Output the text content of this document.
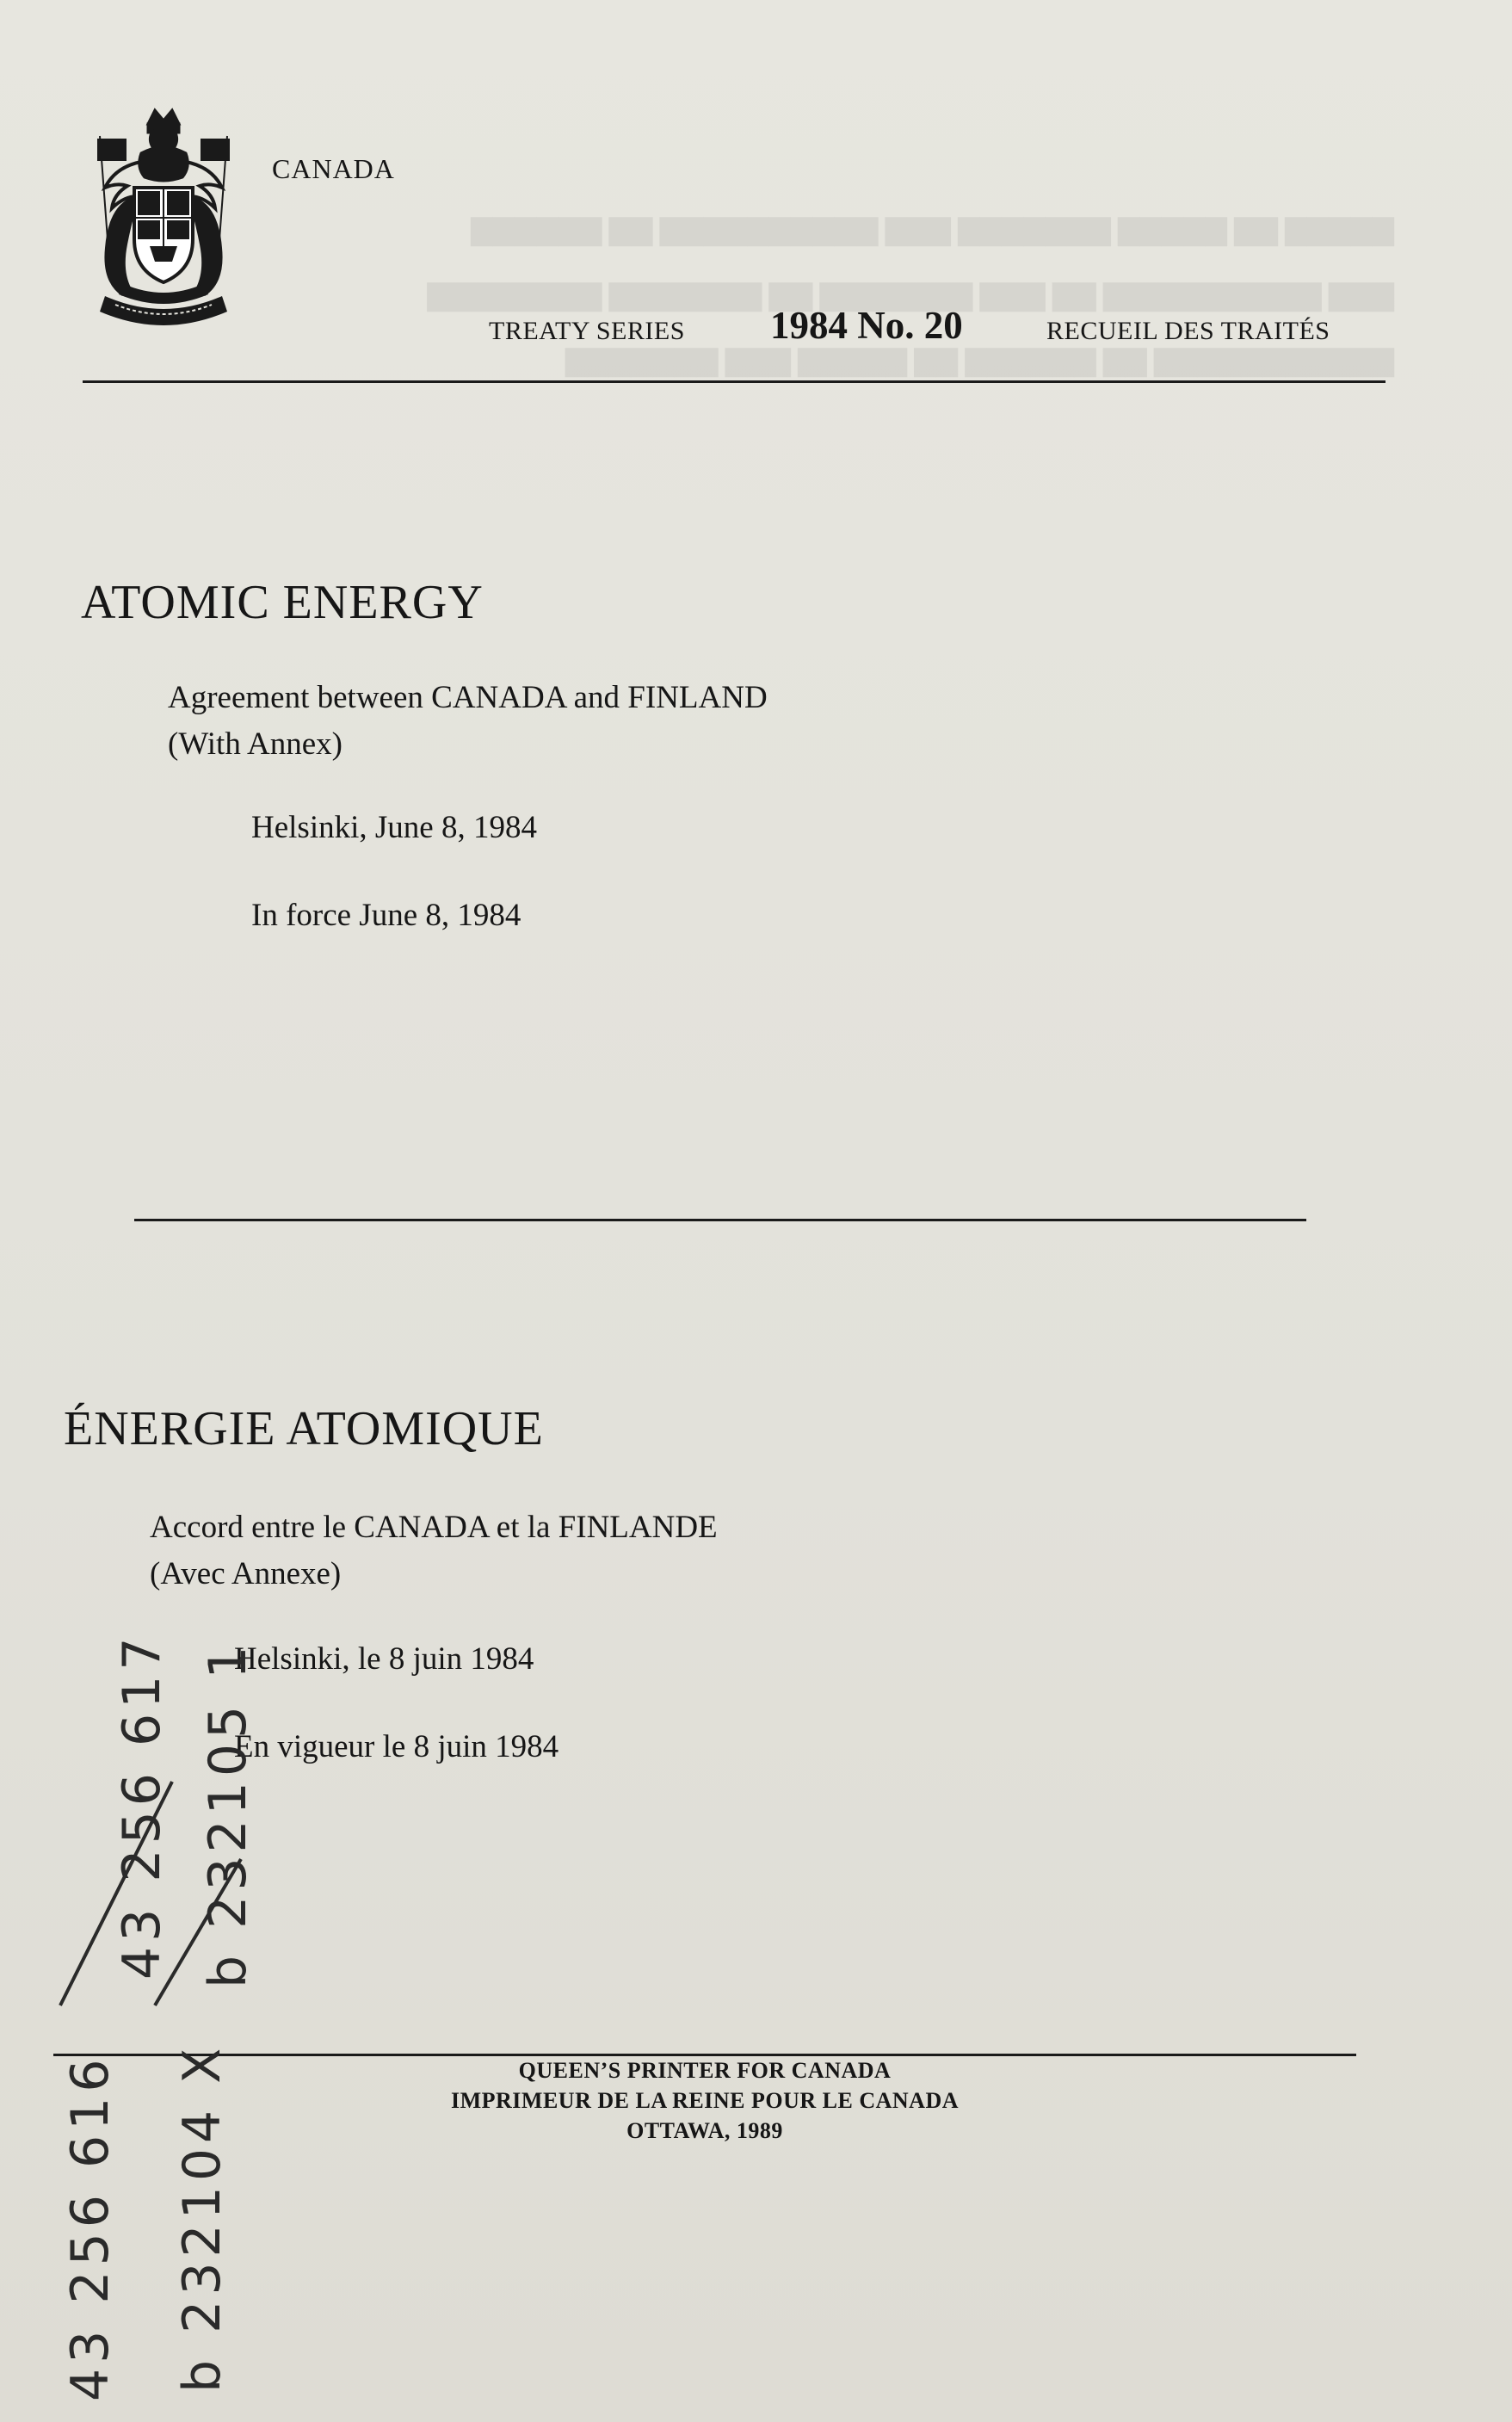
▇▇▇▇▇ ▇▇ ▇▇▇▇▇ ▇▇▇▇▇▇▇ ▇▇▇ ▇▇▇▇▇▇▇▇▇▇ ▇▇ ▇▇▇▇▇▇

▇▇▇ ▇▇▇▇▇▇▇▇▇▇ ▇▇ ▇▇▇ ▇▇▇▇▇▇▇ ▇▇ ▇▇▇▇▇▇▇ ▇▇▇▇▇▇▇▇

▇▇▇▇▇▇▇▇▇▇▇ ▇▇ ▇▇▇▇▇▇ ▇▇ ▇▇▇▇▇ ▇▇▇ ▇▇▇▇▇▇▇

CANADA
TREATY SERIES 1984 No. 20	RECUEIL DES TRAITÉS
ATOMIC ENERGY
Agreement between CANADA and FINLAND
(With Annex)
Helsinki, June 8, 1984
In force June 8, 1984
ÉNERGIE ATOMIQUE
Accord entre le CANADA et la FINLANDE
(Avec Annexe)
Helsinki, le 8 juin 1984
En vigueur le 8 juin 1984
QUEEN’S PRINTER FOR CANADA
IMPRIMEUR DE LA REINE POUR LE CANADA
OTTAWA, 1989
43 256 616
43 256 617
b 232104 X
b 232105 1
